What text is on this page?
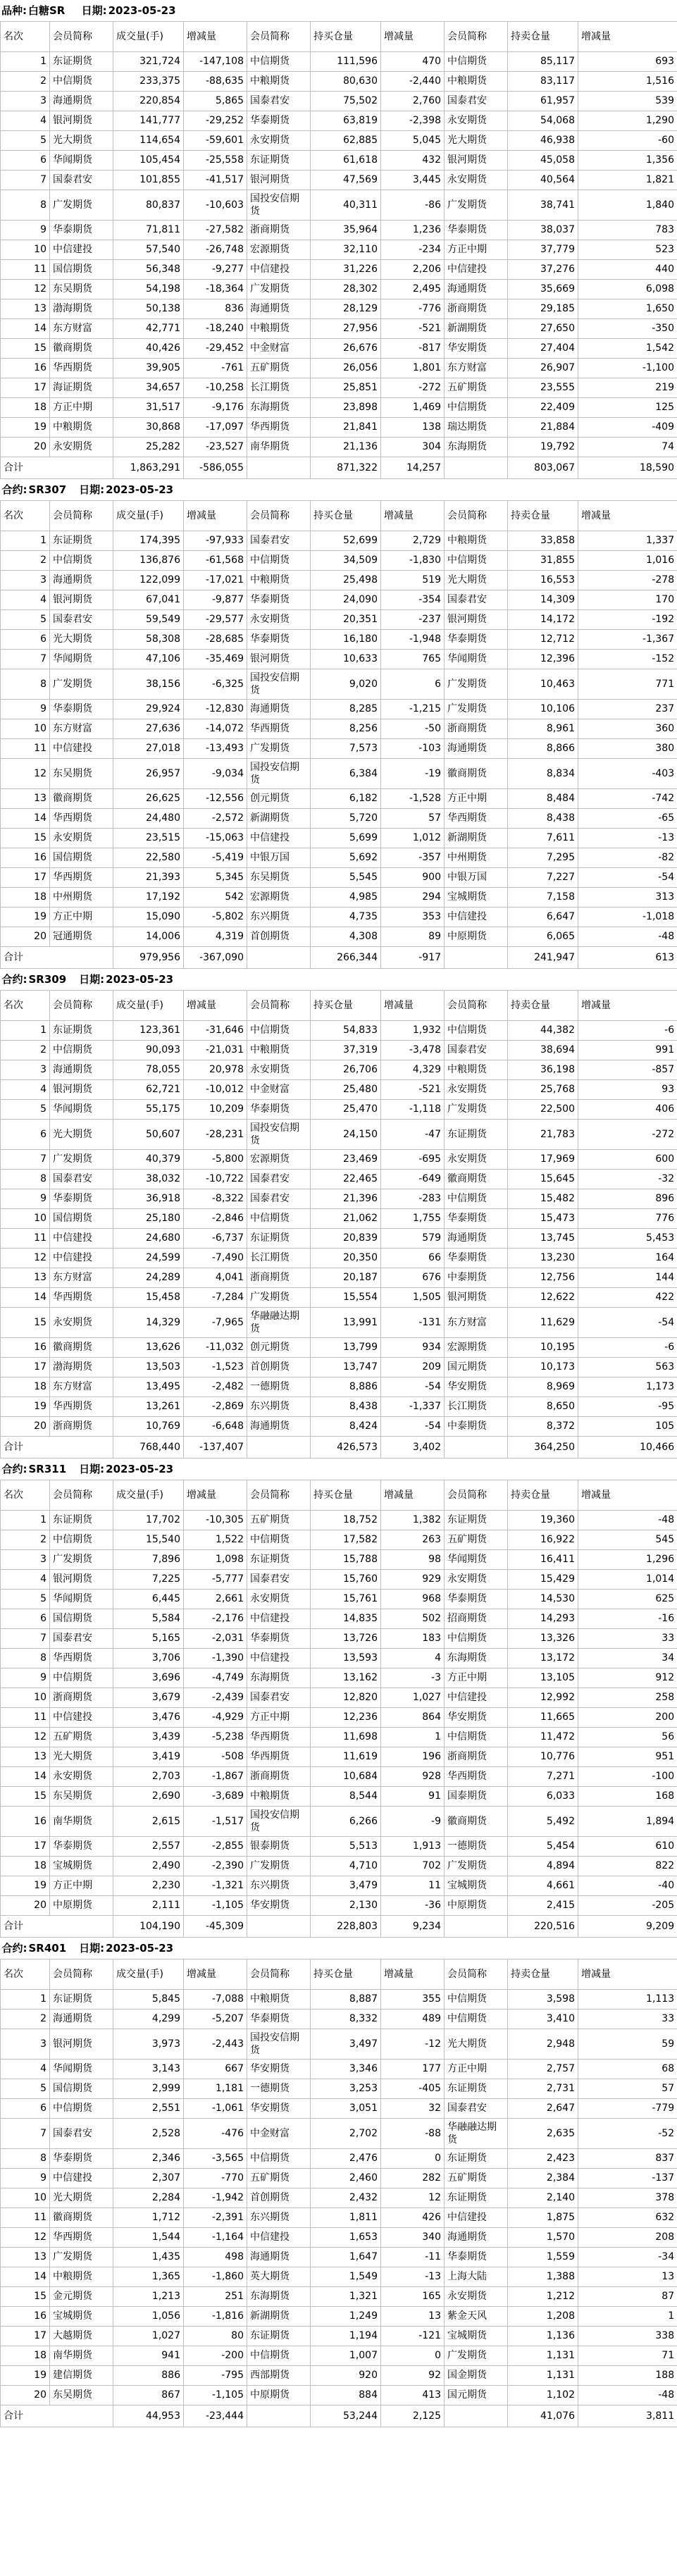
品种: 白糖SR 日期: 2023-05-23
名次	会员简称	成交量(手)	增减量	会员简称	持买仓量	增减量	会员简称	持卖仓量	增减量
1	东证期货	321,724	-147,108	中信期货	111,596	470	中信期货	85,117	693
2	中信期货	233,375	-88,635	中粮期货	80,630	-2,440	中粮期货	83,117	1,516
3	海通期货	220,854	5,865	国泰君安	75,502	2,760	国泰君安	61,957	539
4	银河期货	141,777	-29,252	华泰期货	63,819	-2,398	永安期货	54,068	1,290
5	光大期货	114,654	-59,601	永安期货	62,885	5,045	光大期货	46,938	-60
6	华闻期货	105,454	-25,558	东证期货	61,618	432	银河期货	45,058	1,356
7	国泰君安	101,855	-41,517	银河期货	47,569	3,445	永安期货	40,564	1,821
8	广发期货	80,837	-10,603	国投安信期货	40,311	-86	广发期货	38,741	1,840
9	华泰期货	71,811	-27,582	浙商期货	35,964	1,236	华泰期货	38,037	783
10	中信建投	57,540	-26,748	宏源期货	32,110	-234	方正中期	37,779	523
11	国信期货	56,348	-9,277	中信建投	31,226	2,206	中信建投	37,276	440
12	东吴期货	54,198	-18,364	广发期货	28,302	2,495	海通期货	35,669	6,098
13	渤海期货	50,138	836	海通期货	28,129	-776	浙商期货	29,185	1,650
14	东方财富	42,771	-18,240	中粮期货	27,956	-521	新湖期货	27,650	-350
15	徽商期货	40,426	-29,452	中金财富	26,676	-817	华安期货	27,404	1,542
16	华西期货	39,905	-761	五矿期货	26,056	1,801	东方财富	26,907	-1,100
17	海证期货	34,657	-10,258	长江期货	25,851	-272	五矿期货	23,555	219
18	方正中期	31,517	-9,176	东海期货	23,898	1,469	中信期货	22,409	125
19	中粮期货	30,868	-17,097	华西期货	21,841	138	瑞达期货	21,884	-409
20	永安期货	25,282	-23,527	南华期货	21,136	304	东海期货	19,792	74
合计		1,863,291	-586,055		871,322	14,257		803,067	18,590
合约: SR307 日期: 2023-05-23									
名次	会员简称	成交量(手)	增减量	会员简称	持买仓量	增减量	会员简称	持卖仓量	增减量
1	东证期货	174,395	-97,933	国泰君安	52,699	2,729	中粮期货	33,858	1,337
2	中信期货	136,876	-61,568	中信期货	34,509	-1,830	中信期货	31,855	1,016
3	海通期货	122,099	-17,021	中粮期货	25,498	519	光大期货	16,553	-278
4	银河期货	67,041	-9,877	华泰期货	24,090	-354	国泰君安	14,309	170
5	国泰君安	59,549	-29,577	永安期货	20,351	-237	银河期货	14,172	-192
6	光大期货	58,308	-28,685	华泰期货	16,180	-1,948	华泰期货	12,712	-1,367
7	华闻期货	47,106	-35,469	银河期货	10,633	765	华闻期货	12,396	-152
8	广发期货	38,156	-6,325	国投安信期货	9,020	6	广发期货	10,463	771
9	华泰期货	29,924	-12,830	海通期货	8,285	-1,215	广发期货	10,106	237
10	东方财富	27,636	-14,072	华西期货	8,256	-50	浙商期货	8,961	360
11	中信建投	27,018	-13,493	广发期货	7,573	-103	海通期货	8,866	380
12	东吴期货	26,957	-9,034	国投安信期货	6,384	-19	徽商期货	8,834	-403
13	徽商期货	26,625	-12,556	创元期货	6,182	-1,528	方正中期	8,484	-742
14	华西期货	24,480	-2,572	新湖期货	5,720	57	华西期货	8,438	-65
15	永安期货	23,515	-15,063	中信建投	5,699	1,012	新湖期货	7,611	-13
16	国信期货	22,580	-5,419	中银万国	5,692	-357	中州期货	7,295	-82
17	华西期货	21,393	5,345	东吴期货	5,545	900	中银万国	7,227	-54
18	中州期货	17,192	542	宏源期货	4,985	294	宝城期货	7,158	313
19	方正中期	15,090	-5,802	东兴期货	4,735	353	中信建投	6,647	-1,018
20	冠通期货	14,006	4,319	首创期货	4,308	89	中原期货	6,065	-48
合计		979,956	-367,090		266,344	-917		241,947	613
合约: SR309 日期: 2023-05-23									
名次	会员简称	成交量(手)	增减量	会员简称	持买仓量	增减量	会员简称	持卖仓量	增减量
1	东证期货	123,361	-31,646	中信期货	54,833	1,932	中信期货	44,382	-6
2	中信期货	90,093	-21,031	中粮期货	37,319	-3,478	国泰君安	38,694	991
3	海通期货	78,055	20,978	永安期货	26,706	4,329	中粮期货	36,198	-857
4	银河期货	62,721	-10,012	中金财富	25,480	-521	永安期货	25,768	93
5	华闻期货	55,175	10,209	华泰期货	25,470	-1,118	广发期货	22,500	406
6	光大期货	50,607	-28,231	国投安信期货	24,150	-47	东证期货	21,783	-272
7	广发期货	40,379	-5,800	宏源期货	23,469	-695	永安期货	17,969	600
8	国泰君安	38,032	-10,722	国泰君安	22,465	-649	徽商期货	15,645	-32
9	华泰期货	36,918	-8,322	国泰君安	21,396	-283	中信期货	15,482	896
10	国信期货	25,180	-2,846	中信期货	21,062	1,755	华泰期货	15,473	776
11	中信建投	24,680	-6,737	东证期货	20,839	579	海通期货	13,745	5,453
12	中信建投	24,599	-7,490	长江期货	20,350	66	华泰期货	13,230	164
13	东方财富	24,289	4,041	浙商期货	20,187	676	中泰期货	12,756	144
14	华西期货	15,458	-7,284	广发期货	15,554	1,505	银河期货	12,622	422
15	永安期货	14,329	-7,965	华融融达期货	13,991	-131	东方财富	11,629	-54
16	徽商期货	13,626	-11,032	创元期货	13,799	934	宏源期货	10,195	-6
17	渤海期货	13,503	-1,523	首创期货	13,747	209	国元期货	10,173	563
18	东方财富	13,495	-2,482	一德期货	8,886	-54	华安期货	8,969	1,173
19	华西期货	13,261	-2,869	东兴期货	8,438	-1,337	长江期货	8,650	-95
20	浙商期货	10,769	-6,648	海通期货	8,424	-54	中泰期货	8,372	105
合计		768,440	-137,407		426,573	3,402		364,250	10,466
合约: SR311 日期: 2023-05-23									
名次	会员简称	成交量(手)	增减量	会员简称	持买仓量	增减量	会员简称	持卖仓量	增减量
1	东证期货	17,702	-10,305	五矿期货	18,752	1,382	东证期货	19,360	-48
2	中信期货	15,540	1,522	中信期货	17,582	263	五矿期货	16,922	545
3	广发期货	7,896	1,098	东证期货	15,788	98	华闻期货	16,411	1,296
4	银河期货	7,225	-5,777	国泰君安	15,760	929	永安期货	15,429	1,014
5	华闻期货	6,445	2,661	永安期货	15,761	968	华泰期货	14,530	625
6	国信期货	5,584	-2,176	中信建投	14,835	502	招商期货	14,293	-16
7	国泰君安	5,165	-2,031	华泰期货	13,726	183	中信期货	13,326	33
8	华西期货	3,706	-1,390	中信建投	13,593	4	东海期货	13,172	34
9	中信期货	3,696	-4,749	东海期货	13,162	-3	方正中期	13,105	912
10	浙商期货	3,679	-2,439	国泰君安	12,820	1,027	中信建投	12,992	258
11	中信建投	3,476	-4,929	方正中期	12,236	864	华安期货	11,665	200
12	五矿期货	3,439	-5,238	华西期货	11,698	1	中信期货	11,472	56
13	光大期货	3,419	-508	华西期货	11,619	196	浙商期货	10,776	951
14	永安期货	2,703	-1,867	浙商期货	10,684	928	华西期货	7,271	-100
15	东吴期货	2,690	-3,689	中粮期货	8,544	91	国泰期货	6,033	168
16	南华期货	2,615	-1,517	国投安信期货	6,266	-9	徽商期货	5,492	1,894
17	华泰期货	2,557	-2,855	银泰期货	5,513	1,913	一德期货	5,454	610
18	宝城期货	2,490	-2,390	广发期货	4,710	702	广发期货	4,894	822
19	方正中期	2,230	-1,321	东兴期货	3,479	11	宝城期货	4,661	-40
20	中原期货	2,111	-1,105	华安期货	2,130	-36	中原期货	2,415	-205
合计		104,190	-45,309		228,803	9,234		220,516	9,209
合约: SR401 日期: 2023-05-23									
名次	会员简称	成交量(手)	增减量	会员简称	持买仓量	增减量	会员简称	持卖仓量	增减量
1	东证期货	5,845	-7,088	中粮期货	8,887	355	中信期货	3,598	1,113
2	海通期货	4,299	-5,207	华泰期货	8,332	489	中信期货	3,410	33
3	银河期货	3,973	-2,443	国投安信期货	3,497	-12	光大期货	2,948	59
4	华闻期货	3,143	667	华安期货	3,346	177	方正中期	2,757	68
5	国信期货	2,999	1,181	一德期货	3,253	-405	东证期货	2,731	57
6	中信期货	2,551	-1,061	华安期货	3,051	32	国泰君安	2,647	-779
7	国泰君安	2,528	-476	中金财富	2,702	-88	华融融达期货	2,635	-52
8	华泰期货	2,346	-3,565	中信期货	2,476	0	东证期货	2,423	837
9	中信建投	2,307	-770	五矿期货	2,460	282	五矿期货	2,384	-137
10	光大期货	2,284	-1,942	首创期货	2,432	12	东证期货	2,140	378
11	徽商期货	1,712	-2,391	东兴期货	1,811	426	中信建投	1,875	632
12	华西期货	1,544	-1,164	中信建投	1,653	340	海通期货	1,570	208
13	广发期货	1,435	498	海通期货	1,647	-11	华泰期货	1,559	-34
14	中粮期货	1,365	-1,860	英大期货	1,549	-13	上海大陆	1,388	13
15	金元期货	1,213	251	东海期货	1,321	165	永安期货	1,212	87
16	宝城期货	1,056	-1,816	新湖期货	1,249	13	紫金天风	1,208	1
17	大越期货	1,027	80	东证期货	1,194	-121	宝城期货	1,136	338
18	南华期货	941	-200	中信期货	1,007	0	广发期货	1,131	71
19	建信期货	886	-795	西部期货	920	92	国金期货	1,131	188
20	东吴期货	867	-1,105	中原期货	884	413	国元期货	1,102	-48
合计		44,953	-23,444		53,244	2,125		41,076	3,811
